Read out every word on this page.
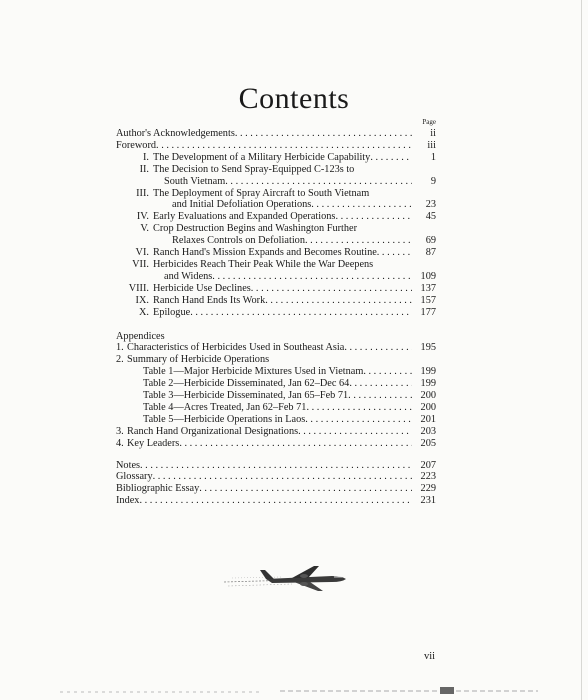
Contents
Page
Author's Acknowledgements . . .	ii
Foreword . . .	iii
I. The Development of a Military Herbicide Capability . . .	1
II. The Decision to Send Spray-Equipped C-123s to
South Vietnam . . .	9
III. The Deployment of Spray Aircraft to South Vietnam
and Initial Defoliation Operations . . .	23
IV. Early Evaluations and Expanded Operations . . .	45
V. Crop Destruction Begins and Washington Further
Relaxes Controls on Defoliation . . .	69
VI. Ranch Hand's Mission Expands and Becomes Routine . . .	87
VII. Herbicides Reach Their Peak While the War Deepens
and Widens . . .	109
VIII. Herbicide Use Declines . . .	137
IX. Ranch Hand Ends Its Work . . .	157
X. Epilogue . . .	177
Appendices
1. Characteristics of Herbicides Used in Southeast Asia . . .	195
2. Summary of Herbicide Operations
Table 1—Major Herbicide Mixtures Used in Vietnam . . .	199
Table 2—Herbicide Disseminated, Jan 62–Dec 64 . . .	199
Table 3—Herbicide Disseminated, Jan 65–Feb 71 . . .	200
Table 4—Acres Treated, Jan 62–Feb 71 . . .	200
Table 5—Herbicide Operations in Laos . . .	201
3. Ranch Hand Organizational Designations . . .	203
4. Key Leaders . . .	205
Notes . . .	207
Glossary . . .	223
Bibliographic Essay . . .	229
Index . . .	231
vii
